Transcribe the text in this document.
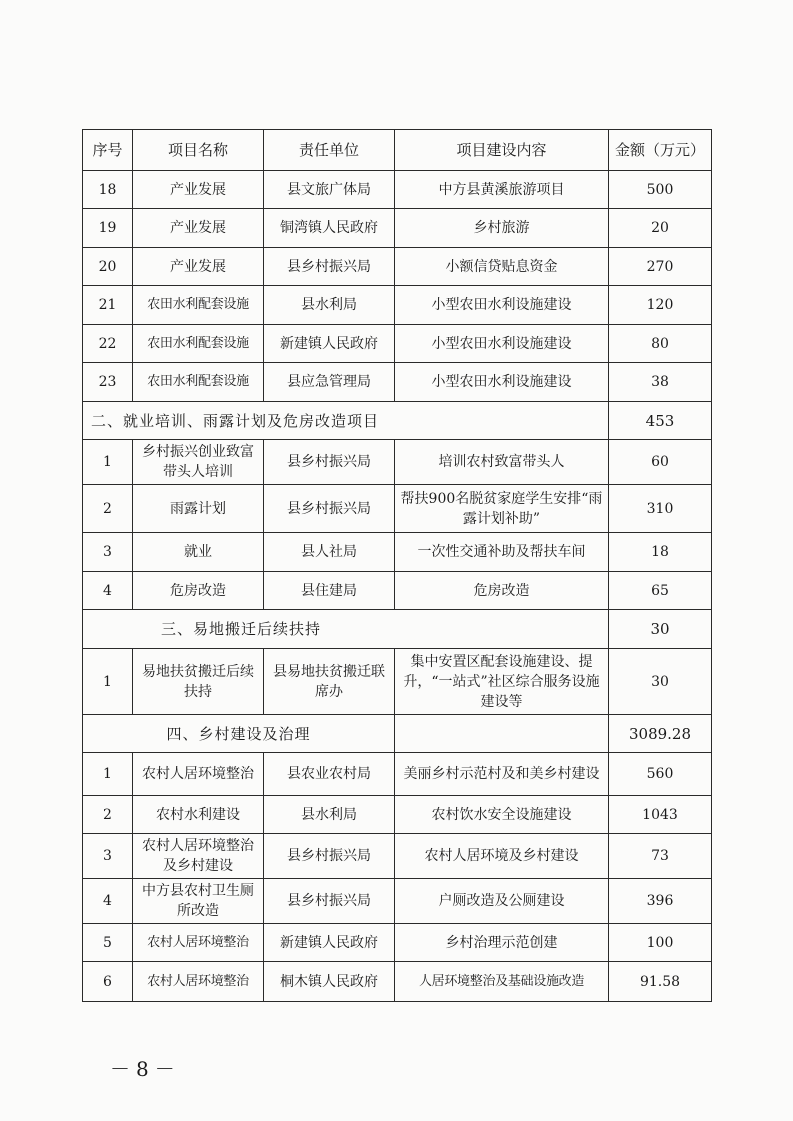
序号	项目名称	责任单位	项目建设内容	金额（万元）
18	产业发展	县文旅广体局	中方县黄溪旅游项目	500
19	产业发展	铜湾镇人民政府	乡村旅游	20
20	产业发展	县乡村振兴局	小额信贷贴息资金	270
21	农田水利配套设施	县水利局	小型农田水利设施建设	120
22	农田水利配套设施	新建镇人民政府	小型农田水利设施建设	80
23	农田水利配套设施	县应急管理局	小型农田水利设施建设	38
二、就业培训、雨露计划及危房改造项目				453
1	乡村振兴创业致富带头人培训	县乡村振兴局	培训农村致富带头人	60
2	雨露计划	县乡村振兴局	帮扶900名脱贫家庭学生安排“雨露计划补助”	310
3	就业	县人社局	一次性交通补助及帮扶车间	18
4	危房改造	县住建局	危房改造	65
三、易地搬迁后续扶持				30
1	易地扶贫搬迁后续扶持	县易地扶贫搬迁联席办	集中安置区配套设施建设、提升，“一站式”社区综合服务设施建设等	30
四、乡村建设及治理				3089.28
1	农村人居环境整治	县农业农村局	美丽乡村示范村及和美乡村建设	560
2	农村水利建设	县水利局	农村饮水安全设施建设	1043
3	农村人居环境整治及乡村建设	县乡村振兴局	农村人居环境及乡村建设	73
4	中方县农村卫生厕所改造	县乡村振兴局	户厕改造及公厕建设	396
5	农村人居环境整治	新建镇人民政府	乡村治理示范创建	100
6	农村人居环境整治	桐木镇人民政府	人居环境整治及基础设施改造	91.58
－8－
